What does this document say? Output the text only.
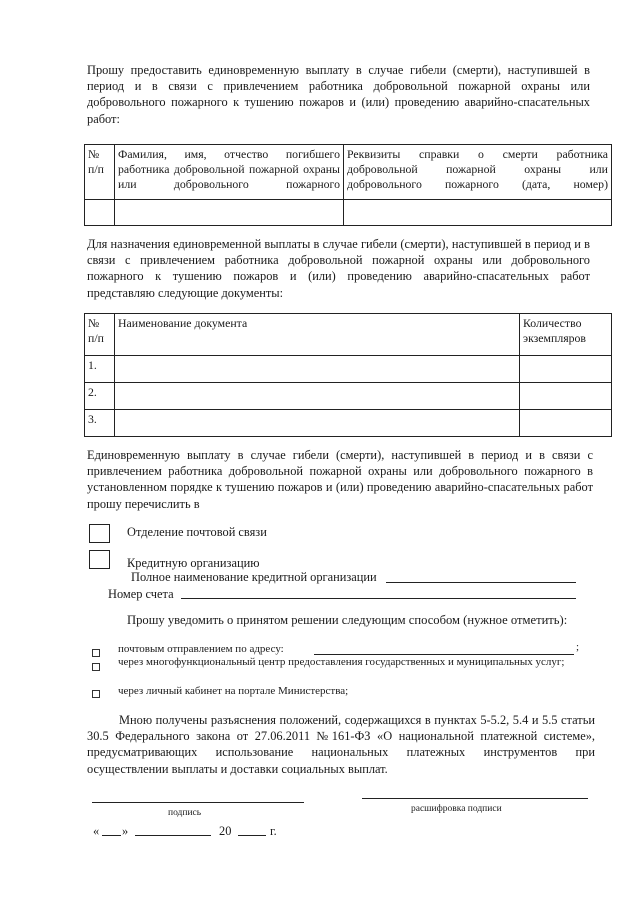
Прошу предоставить единовременную выплату в случае гибели (смерти), наступившей в период и в связи с привлечением работника добровольной пожарной охраны или добровольного пожарного к тушению пожаров и (или) проведению аварийно-спасательных работ:
№ п/п	Фамилия, имя, отчество погибшего работника добровольной пожарной охраны или добровольного пожарного	Реквизиты справки о смерти работника добровольной пожарной охраны или добровольного пожарного (дата, номер)

Для назначения единовременной выплаты в случае гибели (смерти), наступившей в период и в связи с привлечением работника добровольной пожарной охраны или добровольного пожарного к тушению пожаров и (или) проведению аварийно-спасательных работ представляю следующие документы:
№ п/п	Наименование документа	Количество экземпляров
1.		
2.		
3.		
Единовременную выплату в случае гибели (смерти), наступившей в период и в связи с привлечением работника добровольной пожарной охраны или добровольного пожарного в установленном порядке к тушению пожаров и (или) проведению аварийно-спасательных работ прошу перечислить в
Отделение почтовой связи
Кредитную организацию
Полное наименование кредитной организации
Номер счета
Прошу уведомить о принятом решении следующим способом (нужное отметить):
почтовым отправлением по адресу:	;
через многофункциональный центр предоставления государственных и муниципальных услуг;
через личный кабинет на портале Министерства;
Мною получены разъяснения положений, содержащихся в пунктах 5-5.2, 5.4 и 5.5 статьи 30.5 Федерального закона от 27.06.2011 №161-ФЗ «О национальной платежной системе», предусматривающих использование национальных платежных инструментов при осуществлении выплаты и доставки социальных выплат.
подпись	расшифровка подписи
« »	20	г.
